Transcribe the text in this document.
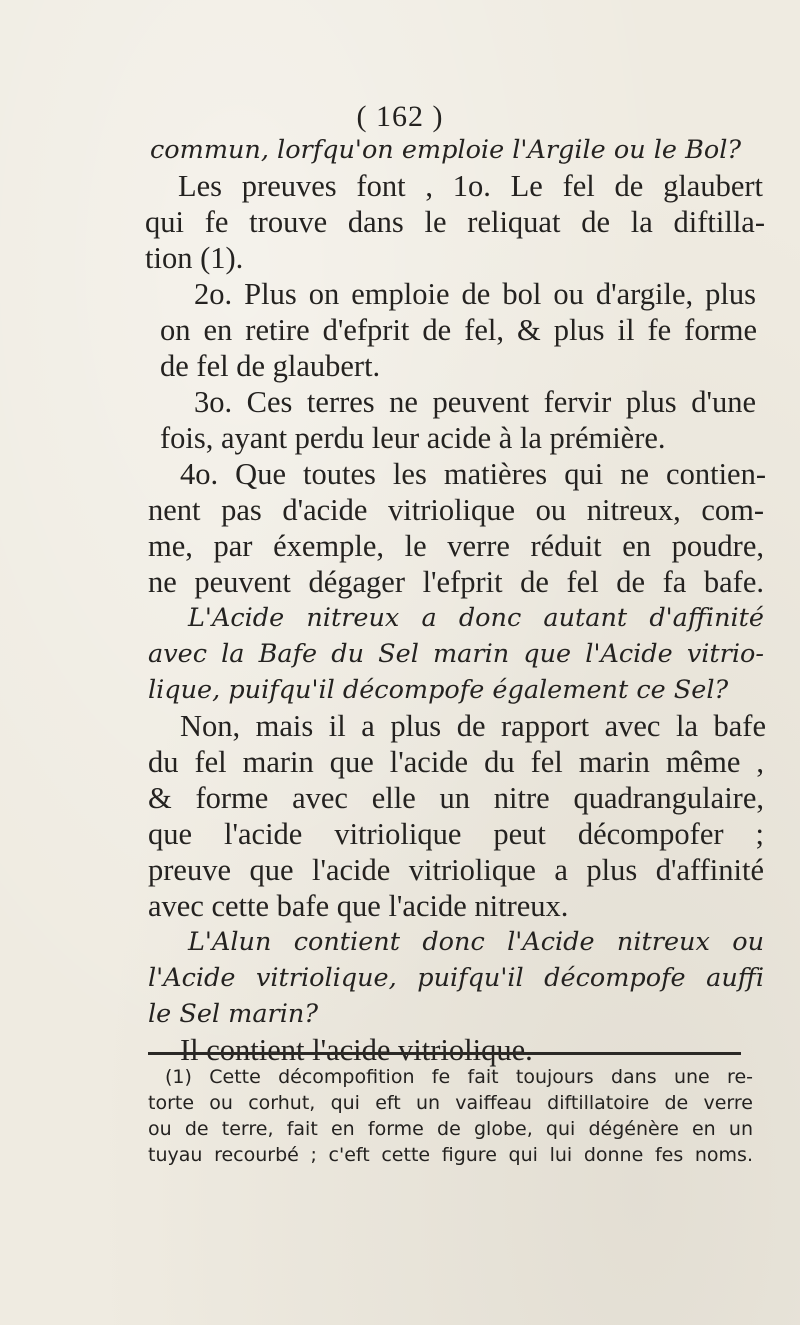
( 162 )
commun, lorfqu'on emploie l'Argile ou le Bol?
Les preuves font , 1o. Le fel de glaubert
qui fe trouve dans le reliquat de la diftilla-
tion (1).
2o. Plus on emploie de bol ou d'argile, plus
on en retire d'efprit de fel, & plus il fe forme
de fel de glaubert.
3o. Ces terres ne peuvent fervir plus d'une
fois, ayant perdu leur acide à la prémière.
4o. Que toutes les matières qui ne contien-
nent pas d'acide vitriolique ou nitreux, com-
me, par éxemple, le verre réduit en poudre,
ne peuvent dégager l'efprit de fel de fa bafe.
L'Acide nitreux a donc autant d'affinité
avec la Bafe du Sel marin que l'Acide vitrio-
lique, puifqu'il décompofe également ce Sel?
Non, mais il a plus de rapport avec la bafe
du fel marin que l'acide du fel marin même ,
& forme avec elle un nitre quadrangulaire,
que l'acide vitriolique peut décompofer ;
preuve que l'acide vitriolique a plus d'affinité
avec cette bafe que l'acide nitreux.
L'Alun contient donc l'Acide nitreux ou
l'Acide vitriolique, puifqu'il décompofe auffi
le Sel marin?
Il contient l'acide vitriolique.
(1) Cette décompofition fe fait toujours dans une re-
torte ou corhut, qui eft un vaiffeau diftillatoire de verre
ou de terre, fait en forme de globe, qui dégénère en un
tuyau recourbé ; c'eft cette figure qui lui donne fes noms.
